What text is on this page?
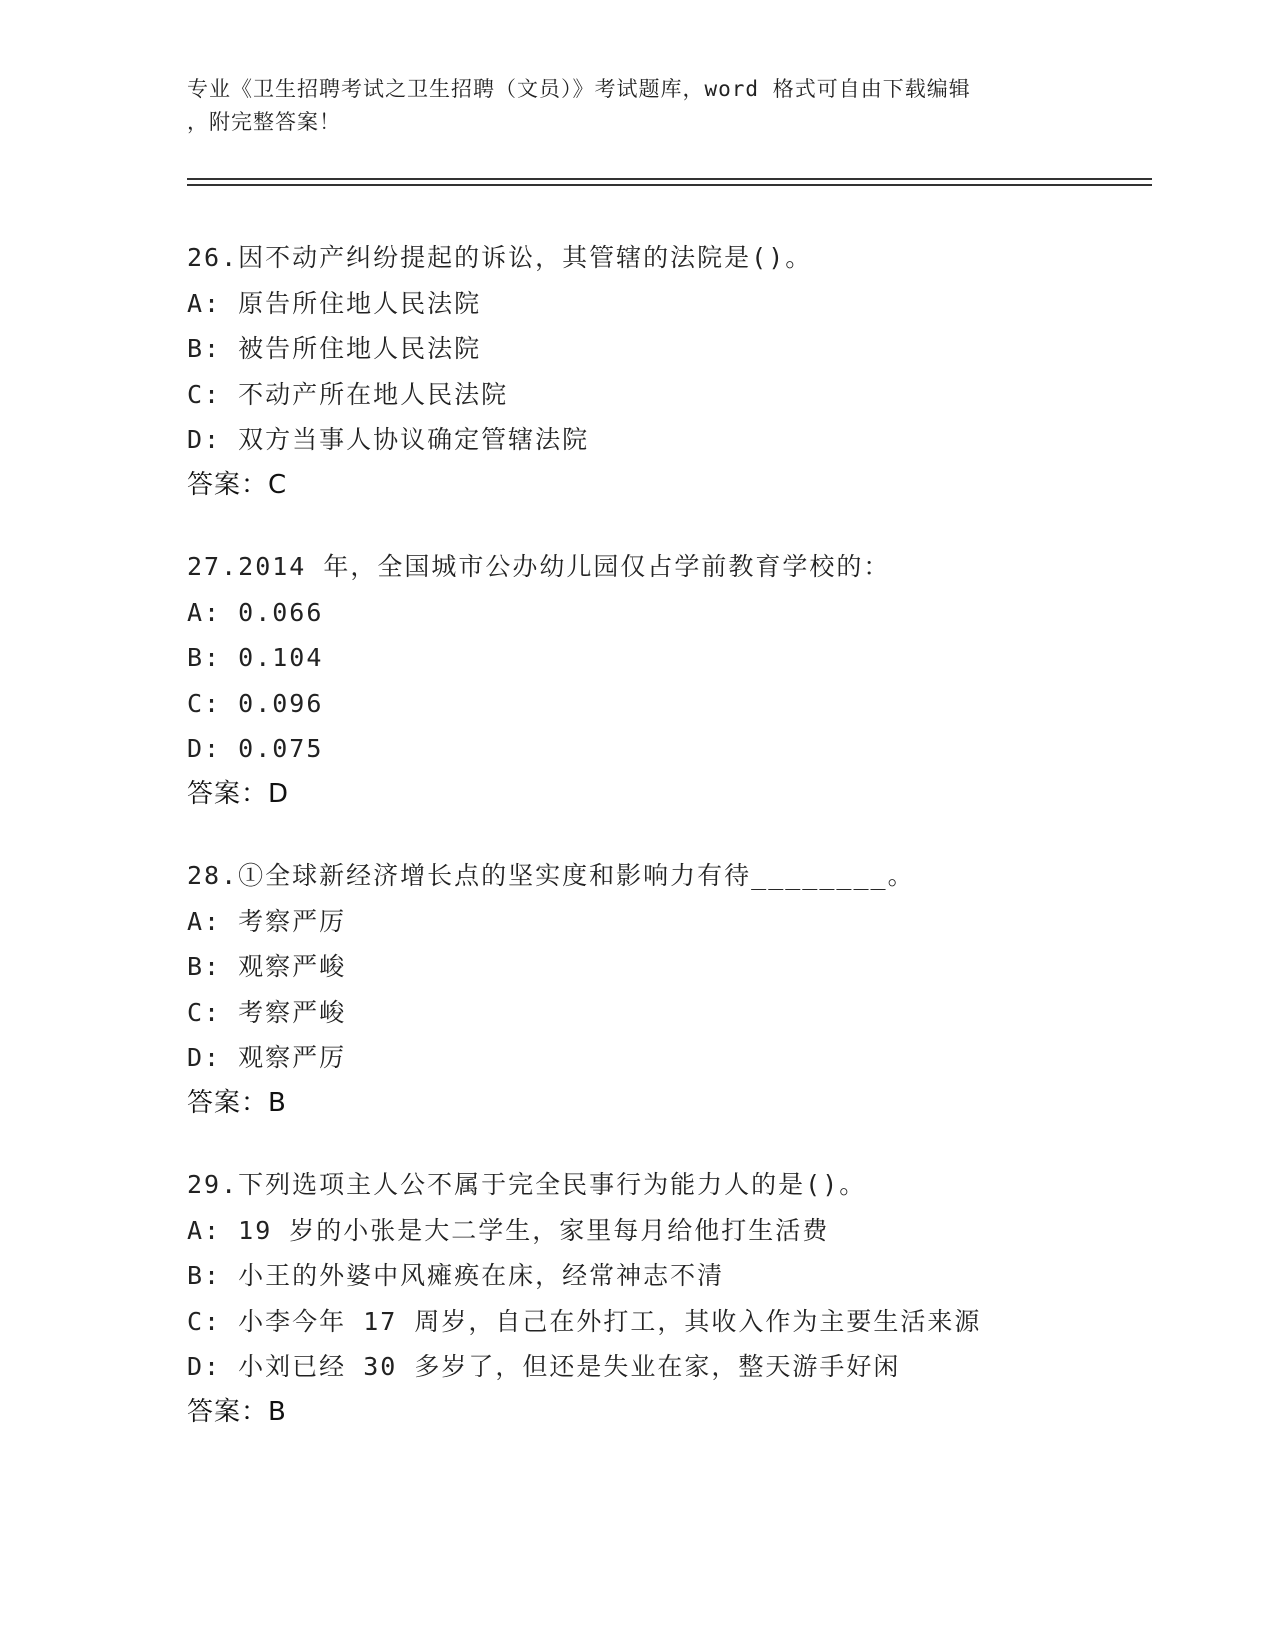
专业《卫生招聘考试之卫生招聘（文员）》考试题库，word 格式可自由下载编辑
，附完整答案！
26.因不动产纠纷提起的诉讼，其管辖的法院是()。
A: 原告所住地人民法院
B: 被告所住地人民法院
C: 不动产所在地人民法院
D: 双方当事人协议确定管辖法院
答案：C
27.2014 年，全国城市公办幼儿园仅占学前教育学校的：
A: 0.066
B: 0.104
C: 0.096
D: 0.075
答案：D
28.①全球新经济增长点的坚实度和影响力有待________。
A: 考察严厉
B: 观察严峻
C: 考察严峻
D: 观察严厉
答案：B
29.下列选项主人公不属于完全民事行为能力人的是()。
A: 19 岁的小张是大二学生，家里每月给他打生活费
B: 小王的外婆中风瘫痪在床，经常神志不清
C: 小李今年 17 周岁，自己在外打工，其收入作为主要生活来源
D: 小刘已经 30 多岁了，但还是失业在家，整天游手好闲
答案：B
